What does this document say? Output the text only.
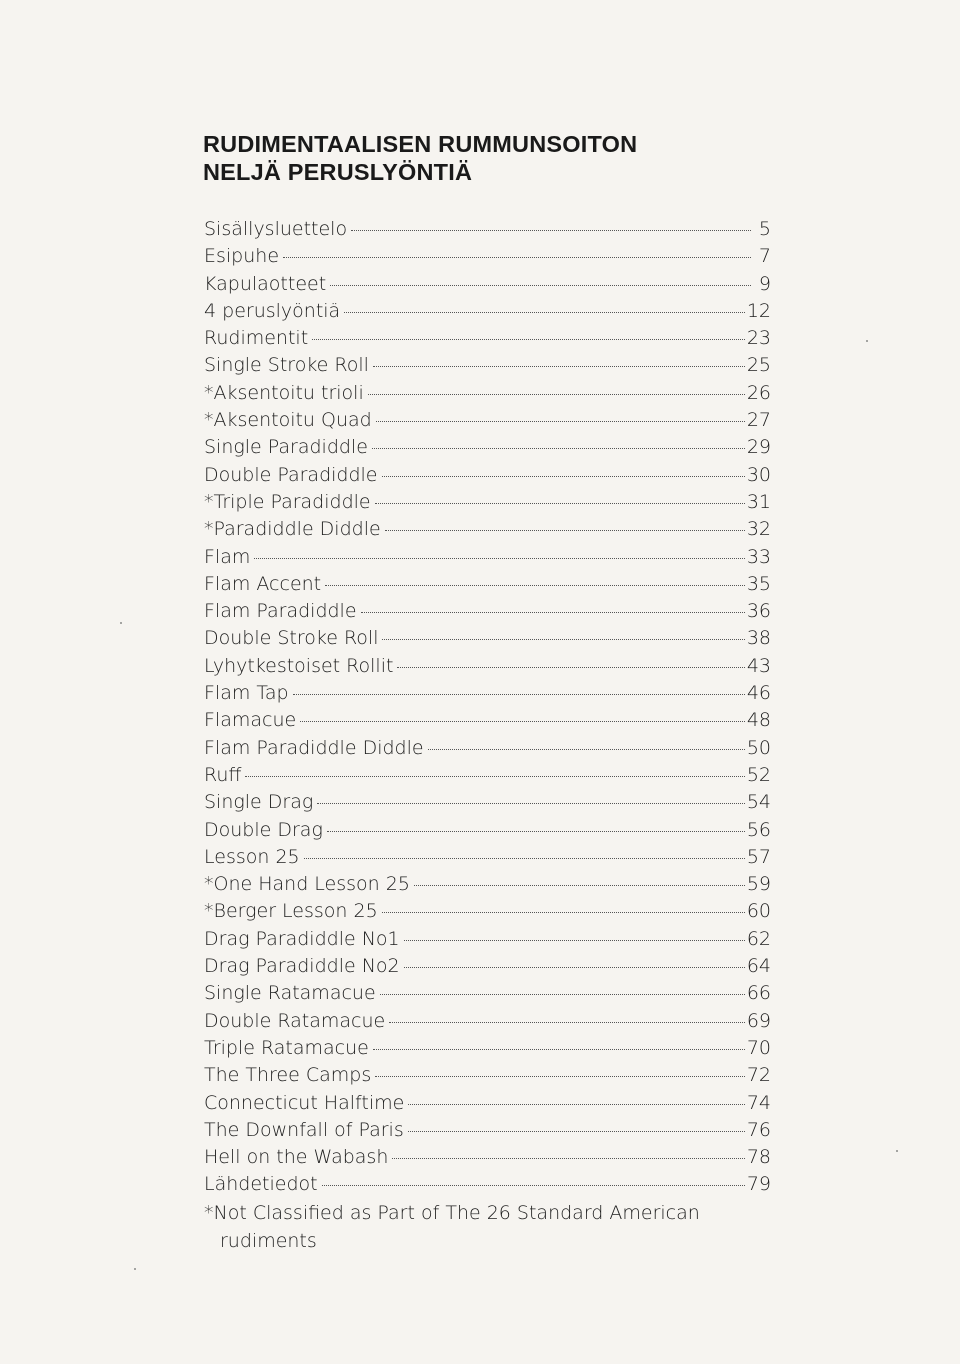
RUDIMENTAALISEN RUMMUNSOITON
NELJÄ PERUSLYÖNTIÄ
Sisällysluettelo	5
Esipuhe	7
Kapulaotteet	9
4 peruslyöntiä	12
Rudimentit	23
Single Stroke Roll	25
*Aksentoitu trioli	26
*Aksentoitu Quad	27
Single Paradiddle	29
Double Paradiddle	30
*Triple Paradiddle	31
*Paradiddle Diddle	32
Flam	33
Flam Accent	35
Flam Paradiddle	36
Double Stroke Roll	38
Lyhytkestoiset Rollit	43
Flam Tap	46
Flamacue	48
Flam Paradiddle Diddle	50
Ruff	52
Single Drag	54
Double Drag	56
Lesson 25	57
*One Hand Lesson 25	59
*Berger Lesson 25	60
Drag Paradiddle No1	62
Drag Paradiddle No2	64
Single Ratamacue	66
Double Ratamacue	69
Triple Ratamacue	70
The Three Camps	72
Connecticut Halftime	74
The Downfall of Paris	76
Hell on the Wabash	78
Lähdetiedot	79

*Not Classified as Part of The 26 Standard American
rudiments
